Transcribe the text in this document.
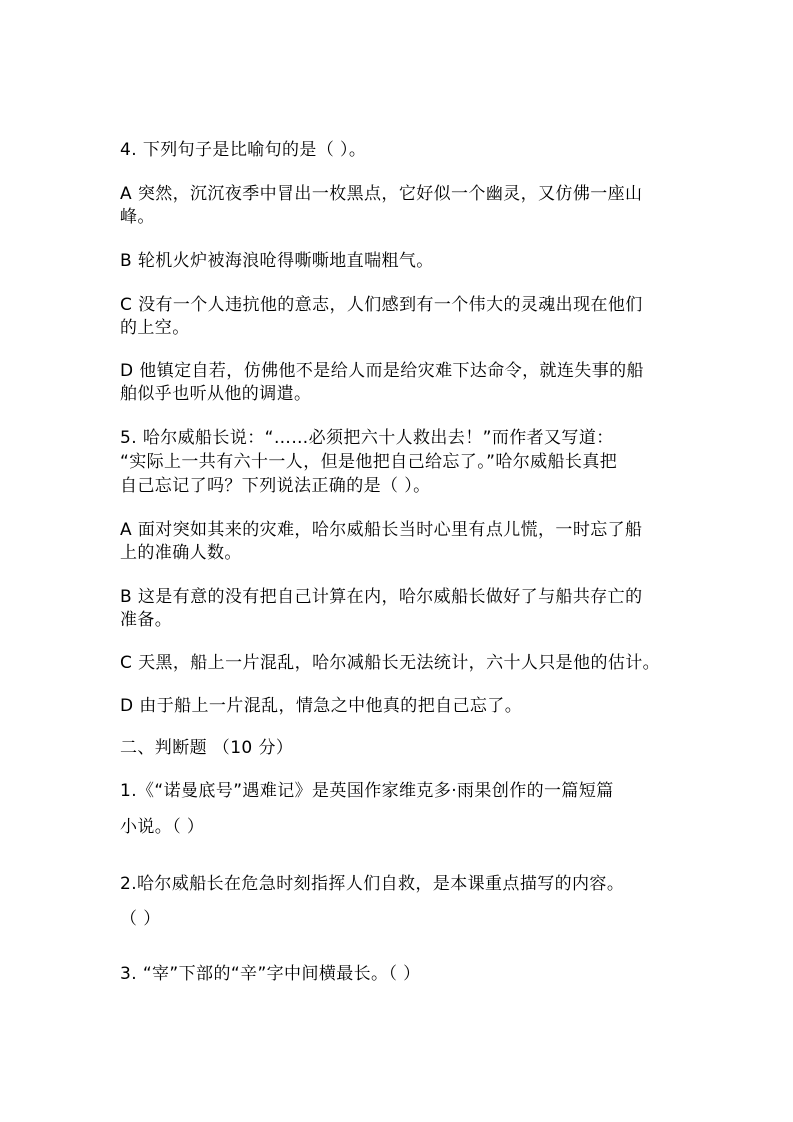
4. 下列句子是比喻句的是（ ）。
A 突然，沉沉夜季中冒出一枚黑点，它好似一个幽灵，又仿佛一座山
峰。
B 轮机火炉被海浪呛得嘶嘶地直喘粗气。
C 没有一个人违抗他的意志，人们感到有一个伟大的灵魂出现在他们
的上空。
D 他镇定自若，仿佛他不是给人而是给灾难下达命令，就连失事的船
舶似乎也听从他的调遣。
5. 哈尔威船长说：“……必须把六十人救出去！”而作者又写道：
“实际上一共有六十一人，但是他把自己给忘了。”哈尔威船长真把
自己忘记了吗？下列说法正确的是（ ）。
A 面对突如其来的灾难，哈尔威船长当时心里有点儿慌，一时忘了船
上的准确人数。
B 这是有意的没有把自己计算在内，哈尔威船长做好了与船共存亡的
准备。
C 天黑，船上一片混乱，哈尔减船长无法统计，六十人只是他的估计。
D 由于船上一片混乱，情急之中他真的把自己忘了。
二、判断题 （10 分）
1.《“诺曼底号”遇难记》是英国作家维克多·雨果创作的一篇短篇
小说。（ ）
2.哈尔威船长在危急时刻指挥人们自救，是本课重点描写的内容。
（ ）
3. “宰”下部的“辛”字中间横最长。（ ）
